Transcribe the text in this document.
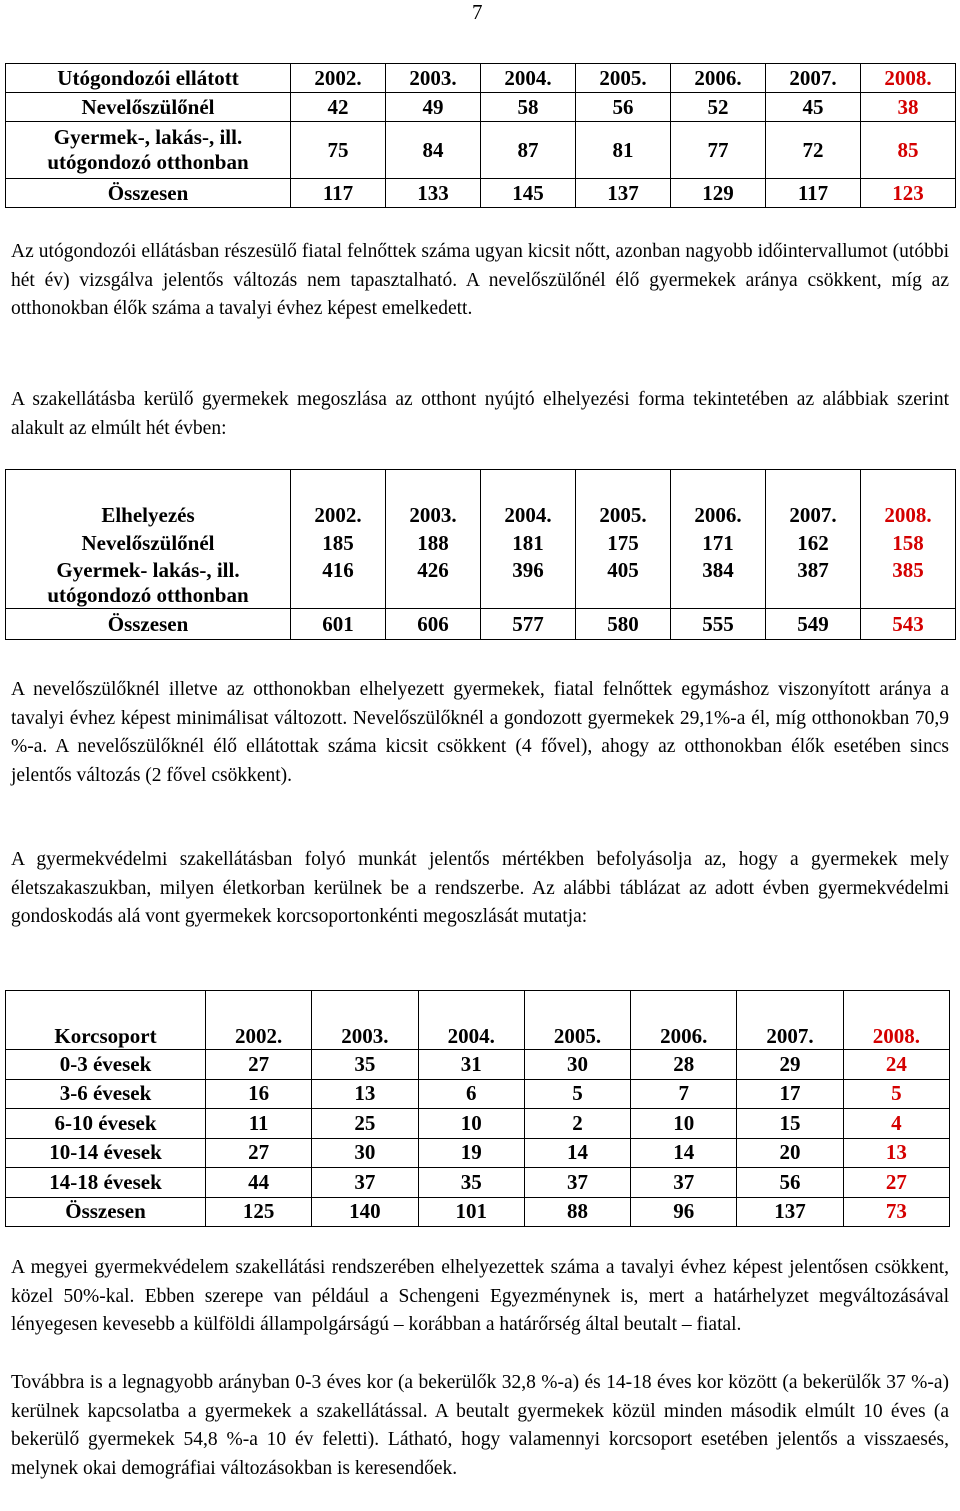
7
Utógondozói ellátott	2002.	2003.	2004.	2005.	2006.	2007.	2008.
Nevelőszülőnél	42	49	58	56	52	45	38
Gyermek-, lakás-, ill. utógondozó otthonban	75	84	87	81	77	72	85
Összesen	117	133	145	137	129	117	123

Az utógondozói ellátásban részesülő fiatal felnőttek száma ugyan kicsit nőtt, azonban nagyobb időintervallumot (utóbbi hét év) vizsgálva jelentős változás nem tapasztalható. A nevelőszülőnél élő gyermekek aránya csökkent, míg az otthonokban élők száma a tavalyi évhez képest emelkedett.

A szakellátásba kerülő gyermekek megoszlása az otthont nyújtó elhelyezési forma tekintetében az alábbiak szerint alakult az elmúlt hét évben:

Elhelyezés	2002.	2003.	2004.	2005.	2006.	2007.	2008.
Nevelőszülőnél	185	188	181	175	171	162	158
Gyermek- lakás-, ill. utógondozó otthonban	416	426	396	405	384	387	385
Összesen	601	606	577	580	555	549	543

A nevelőszülőknél illetve az otthonokban elhelyezett gyermekek, fiatal felnőttek egymáshoz viszonyított aránya a tavalyi évhez képest minimálisat változott. Nevelőszülőknél a gondozott gyermekek 29,1%-a él, míg otthonokban 70,9 %-a. A nevelőszülőknél élő ellátottak száma kicsit csökkent (4 fővel), ahogy az otthonokban élők esetében sincs jelentős változás (2 fővel csökkent).

A gyermekvédelmi szakellátásban folyó munkát jelentős mértékben befolyásolja az, hogy a gyermekek mely életszakaszukban, milyen életkorban kerülnek be a rendszerbe. Az alábbi táblázat az adott évben gyermekvédelmi gondoskodás alá vont gyermekek korcsoportonkénti megoszlását mutatja:

Korcsoport	2002.	2003.	2004.	2005.	2006.	2007.	2008.
0-3 évesek	27	35	31	30	28	29	24
3-6 évesek	16	13	6	5	7	17	5
6-10 évesek	11	25	10	2	10	15	4
10-14 évesek	27	30	19	14	14	20	13
14-18 évesek	44	37	35	37	37	56	27
Összesen	125	140	101	88	96	137	73

A megyei gyermekvédelem szakellátási rendszerében elhelyezettek száma a tavalyi évhez képest jelentősen csökkent, közel 50%-kal. Ebben szerepe van például a Schengeni Egyezménynek is, mert a határhelyzet megváltozásával lényegesen kevesebb a külföldi állampolgárságú – korábban a határőrség által beutalt – fiatal.

Továbbra is a legnagyobb arányban 0-3 éves kor (a bekerülők 32,8 %-a) és 14-18 éves kor között (a bekerülők 37 %-a) kerülnek kapcsolatba a gyermekek a szakellátással. A beutalt gyermekek közül minden második elmúlt 10 éves (a bekerülő gyermekek 54,8 %-a 10 év feletti). Látható, hogy valamennyi korcsoport esetében jelentős a visszaesés, melynek okai demográfiai változásokban is keresendőek.
